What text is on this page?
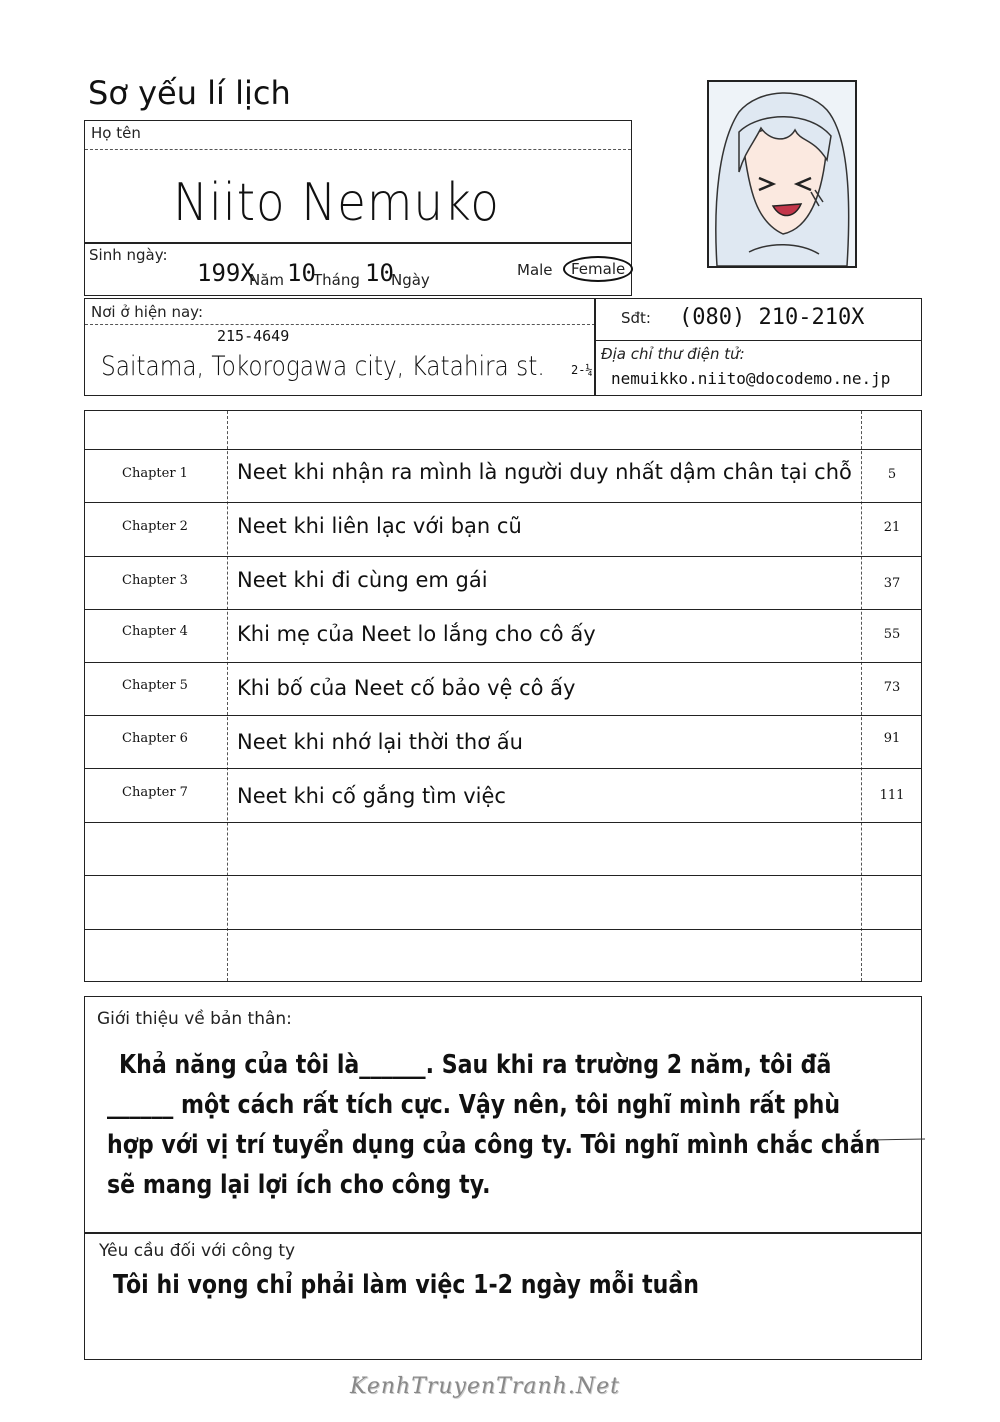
Sơ yếu lí lịch
Họ tên
Niito Nemuko
Sinh ngày:
199X
Năm 10
Tháng 10
Ngày
Male	Female
Nơi ở hiện nay:
215-4649
Saitama, Tokorogawa city, Katahira st. 2-¼
Sđt: (080) 210-210X
Địa chỉ thư điện tử:
nemuikko.niito@docodemo.ne.jp
Chapter 1	Neet khi nhận ra mình là người duy nhất dậm chân tại chỗ	5
Chapter 2	Neet khi liên lạc với bạn cũ	21
Chapter 3	Neet khi đi cùng em gái	37
Chapter 4	Khi mẹ của Neet lo lắng cho cô ấy	55
Chapter 5	Khi bố của Neet cố bảo vệ cô ấy	73
Chapter 6	Neet khi nhớ lại thời thơ ấu	91
Chapter 7	Neet khi cố gắng tìm việc	111
Giới thiệu về bản thân:
Khả năng của tôi là______. Sau khi ra trường 2 năm, tôi đã
______ một cách rất tích cực. Vậy nên, tôi nghĩ mình rất phù
hợp với vị trí tuyển dụng của công ty. Tôi nghĩ mình chắc chắn
sẽ mang lại lợi ích cho công ty.
Yêu cầu đối với công ty
Tôi hi vọng chỉ phải làm việc 1-2 ngày mỗi tuần
KenhTruyenTranh.Net
